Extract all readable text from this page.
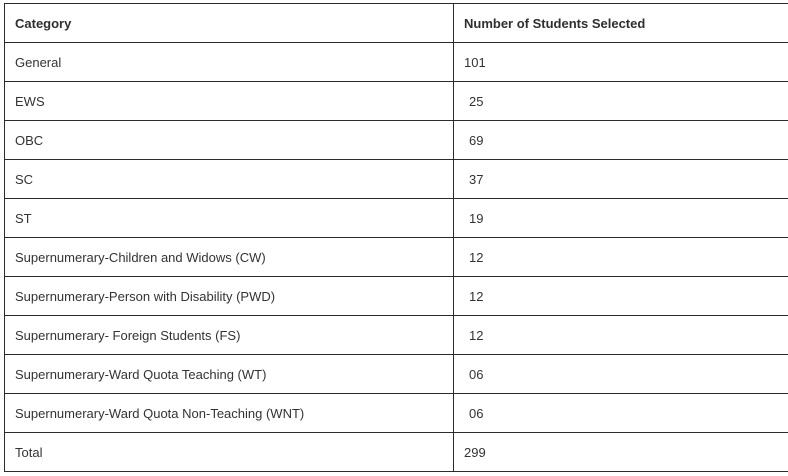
Category	Number of Students Selected
General	101
EWS	25
OBC	69
SC	37
ST	19
Supernumerary-Children and Widows (CW)	12
Supernumerary-Person with Disability (PWD)	12
Supernumerary- Foreign Students (FS)	12
Supernumerary-Ward Quota Teaching (WT)	06
Supernumerary-Ward Quota Non-Teaching (WNT)	06
Total	299
